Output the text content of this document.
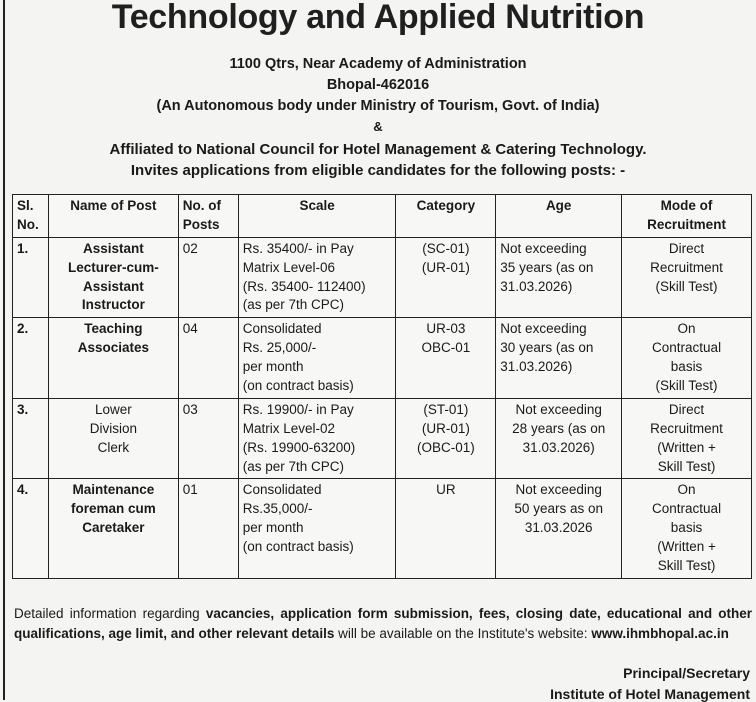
Technology and Applied Nutrition

1100 Qtrs, Near Academy of Administration

Bhopal-462016

(An Autonomous body under Ministry of Tourism, Govt. of India)

&

Affiliated to National Council for Hotel Management & Catering Technology.

Invites applications from eligible candidates for the following posts: -

Sl. No.	Name of Post	No. of Posts	Scale	Category	Age	Mode of Recruitment
1.	Assistant
Lecturer-cum-
Assistant
Instructor	02	Rs. 35400/- in Pay
Matrix Level-06
(Rs. 35400- 112400)
(as per 7th CPC)	(SC-01)
(UR-01)	Not exceeding
35 years (as on
31.03.2026)	Direct
Recruitment
(Skill Test)
2.	Teaching
Associates	04	Consolidated
Rs. 25,000/-
per month
(on contract basis)	UR-03
OBC-01	Not exceeding
30 years (as on
31.03.2026)	On
Contractual
basis
(Skill Test)
3.	Lower
Division
Clerk	03	Rs. 19900/- in Pay
Matrix Level-02
(Rs. 19900-63200)
(as per 7th CPC)	(ST-01)
(UR-01)
(OBC-01)	Not exceeding
28 years (as on
31.03.2026)	Direct
Recruitment
(Written +
Skill Test)
4.	Maintenance
foreman cum
Caretaker	01	Consolidated
Rs.35,000/-
per month
(on contract basis)	UR	Not exceeding
50 years as on
31.03.2026	On
Contractual
basis
(Written +
Skill Test)

Detailed information regarding vacancies, application form submission, fees, closing date, educational and other qualifications, age limit, and other relevant details will be available on the Institute's website: www.ihmbhopal.ac.in

Principal/Secretary

Institute of Hotel Management
